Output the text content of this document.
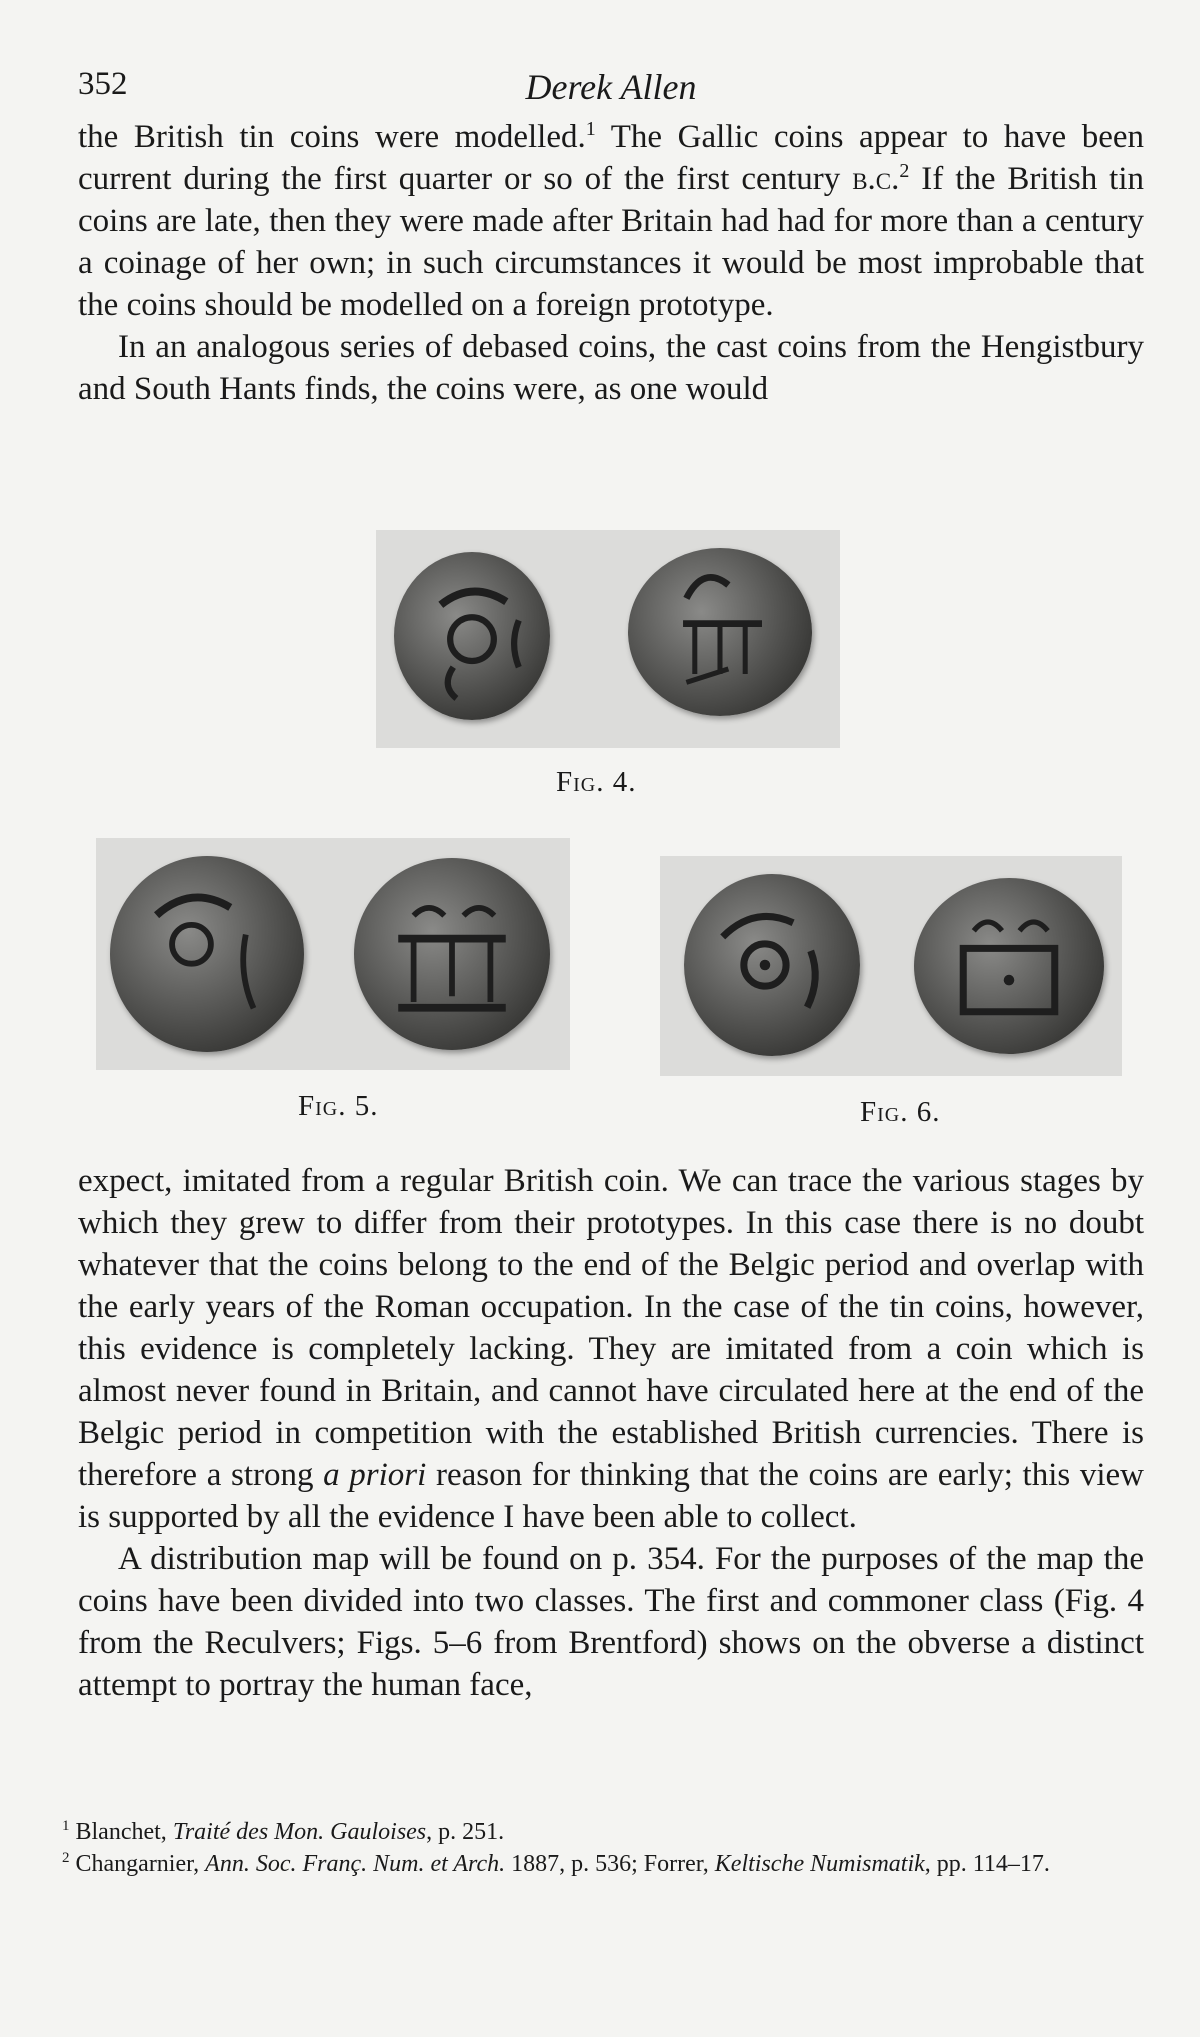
352	Derek Allen

the British tin coins were modelled.$^1$ The Gallic coins appear to have been current during the first quarter or so of the first century b.c.$^2$ If the British tin coins are late, then they were made after Britain had had for more than a century a coinage of her own; in such circumstances it would be most improbable that the coins should be modelled on a foreign prototype.

In an analogous series of debased coins, the cast coins from the Hengistbury and South Hants finds, the coins were, as one would

Fig. 4.
Fig. 5.	Fig. 6.

expect, imitated from a regular British coin. We can trace the various stages by which they grew to differ from their prototypes. In this case there is no doubt whatever that the coins belong to the end of the Belgic period and overlap with the early years of the Roman occupation. In the case of the tin coins, however, this evidence is completely lacking. They are imitated from a coin which is almost never found in Britain, and cannot have circulated here at the end of the Belgic period in competition with the established British currencies. There is therefore a strong a priori reason for thinking that the coins are early; this view is supported by all the evidence I have been able to collect.

A distribution map will be found on p. 354. For the purposes of the map the coins have been divided into two classes. The first and commoner class (Fig. 4 from the Reculvers; Figs. 5–6 from Brentford) shows on the obverse a distinct attempt to portray the human face,

$^1$ Blanchet, Traité des Mon. Gauloises, p. 251.

$^2$ Changarnier, Ann. Soc. Franç. Num. et Arch. 1887, p. 536; Forrer, Keltische Numismatik, pp. 114–17.
